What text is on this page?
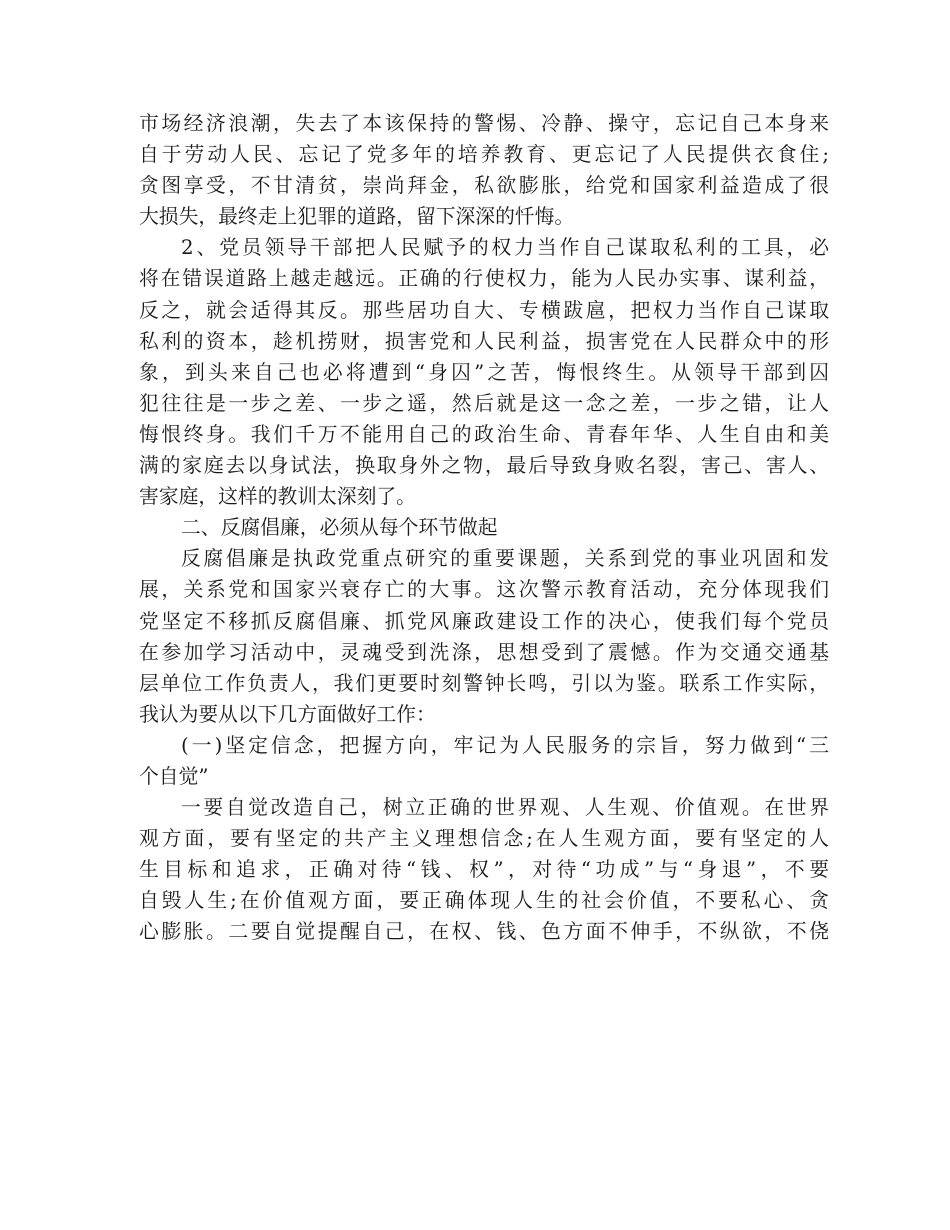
市场经济浪潮，失去了本该保持的警惕、冷静、操守，忘记自己本身来

自于劳动人民、忘记了党多年的培养教育、更忘记了人民提供衣食住;

贪图享受，不甘清贫，崇尚拜金，私欲膨胀，给党和国家利益造成了很

大损失，最终走上犯罪的道路，留下深深的忏悔。

2、党员领导干部把人民赋予的权力当作自己谋取私利的工具，必

将在错误道路上越走越远。正确的行使权力，能为人民办实事、谋利益，

反之，就会适得其反。那些居功自大、专横跋扈，把权力当作自己谋取

私利的资本，趁机捞财，损害党和人民利益，损害党在人民群众中的形

象，到头来自己也必将遭到“身囚”之苦，悔恨终生。从领导干部到囚

犯往往是一步之差、一步之遥，然后就是这一念之差，一步之错，让人

悔恨终身。我们千万不能用自己的政治生命、青春年华、人生自由和美

满的家庭去以身试法，换取身外之物，最后导致身败名裂，害己、害人、

害家庭，这样的教训太深刻了。

二、反腐倡廉，必须从每个环节做起

反腐倡廉是执政党重点研究的重要课题，关系到党的事业巩固和发

展，关系党和国家兴衰存亡的大事。这次警示教育活动，充分体现我们

党坚定不移抓反腐倡廉、抓党风廉政建设工作的决心，使我们每个党员

在参加学习活动中，灵魂受到洗涤，思想受到了震憾。作为交通交通基

层单位工作负责人，我们更要时刻警钟长鸣，引以为鉴。联系工作实际，

我认为要从以下几方面做好工作：

(一)坚定信念，把握方向，牢记为人民服务的宗旨，努力做到“三

个自觉”

一要自觉改造自己，树立正确的世界观、人生观、价值观。在世界

观方面，要有坚定的共产主义理想信念;在人生观方面，要有坚定的人

生目标和追求，正确对待“钱、权”，对待“功成”与“身退”，不要

自毁人生;在价值观方面，要正确体现人生的社会价值，不要私心、贪

心膨胀。二要自觉提醒自己，在权、钱、色方面不伸手，不纵欲，不侥
